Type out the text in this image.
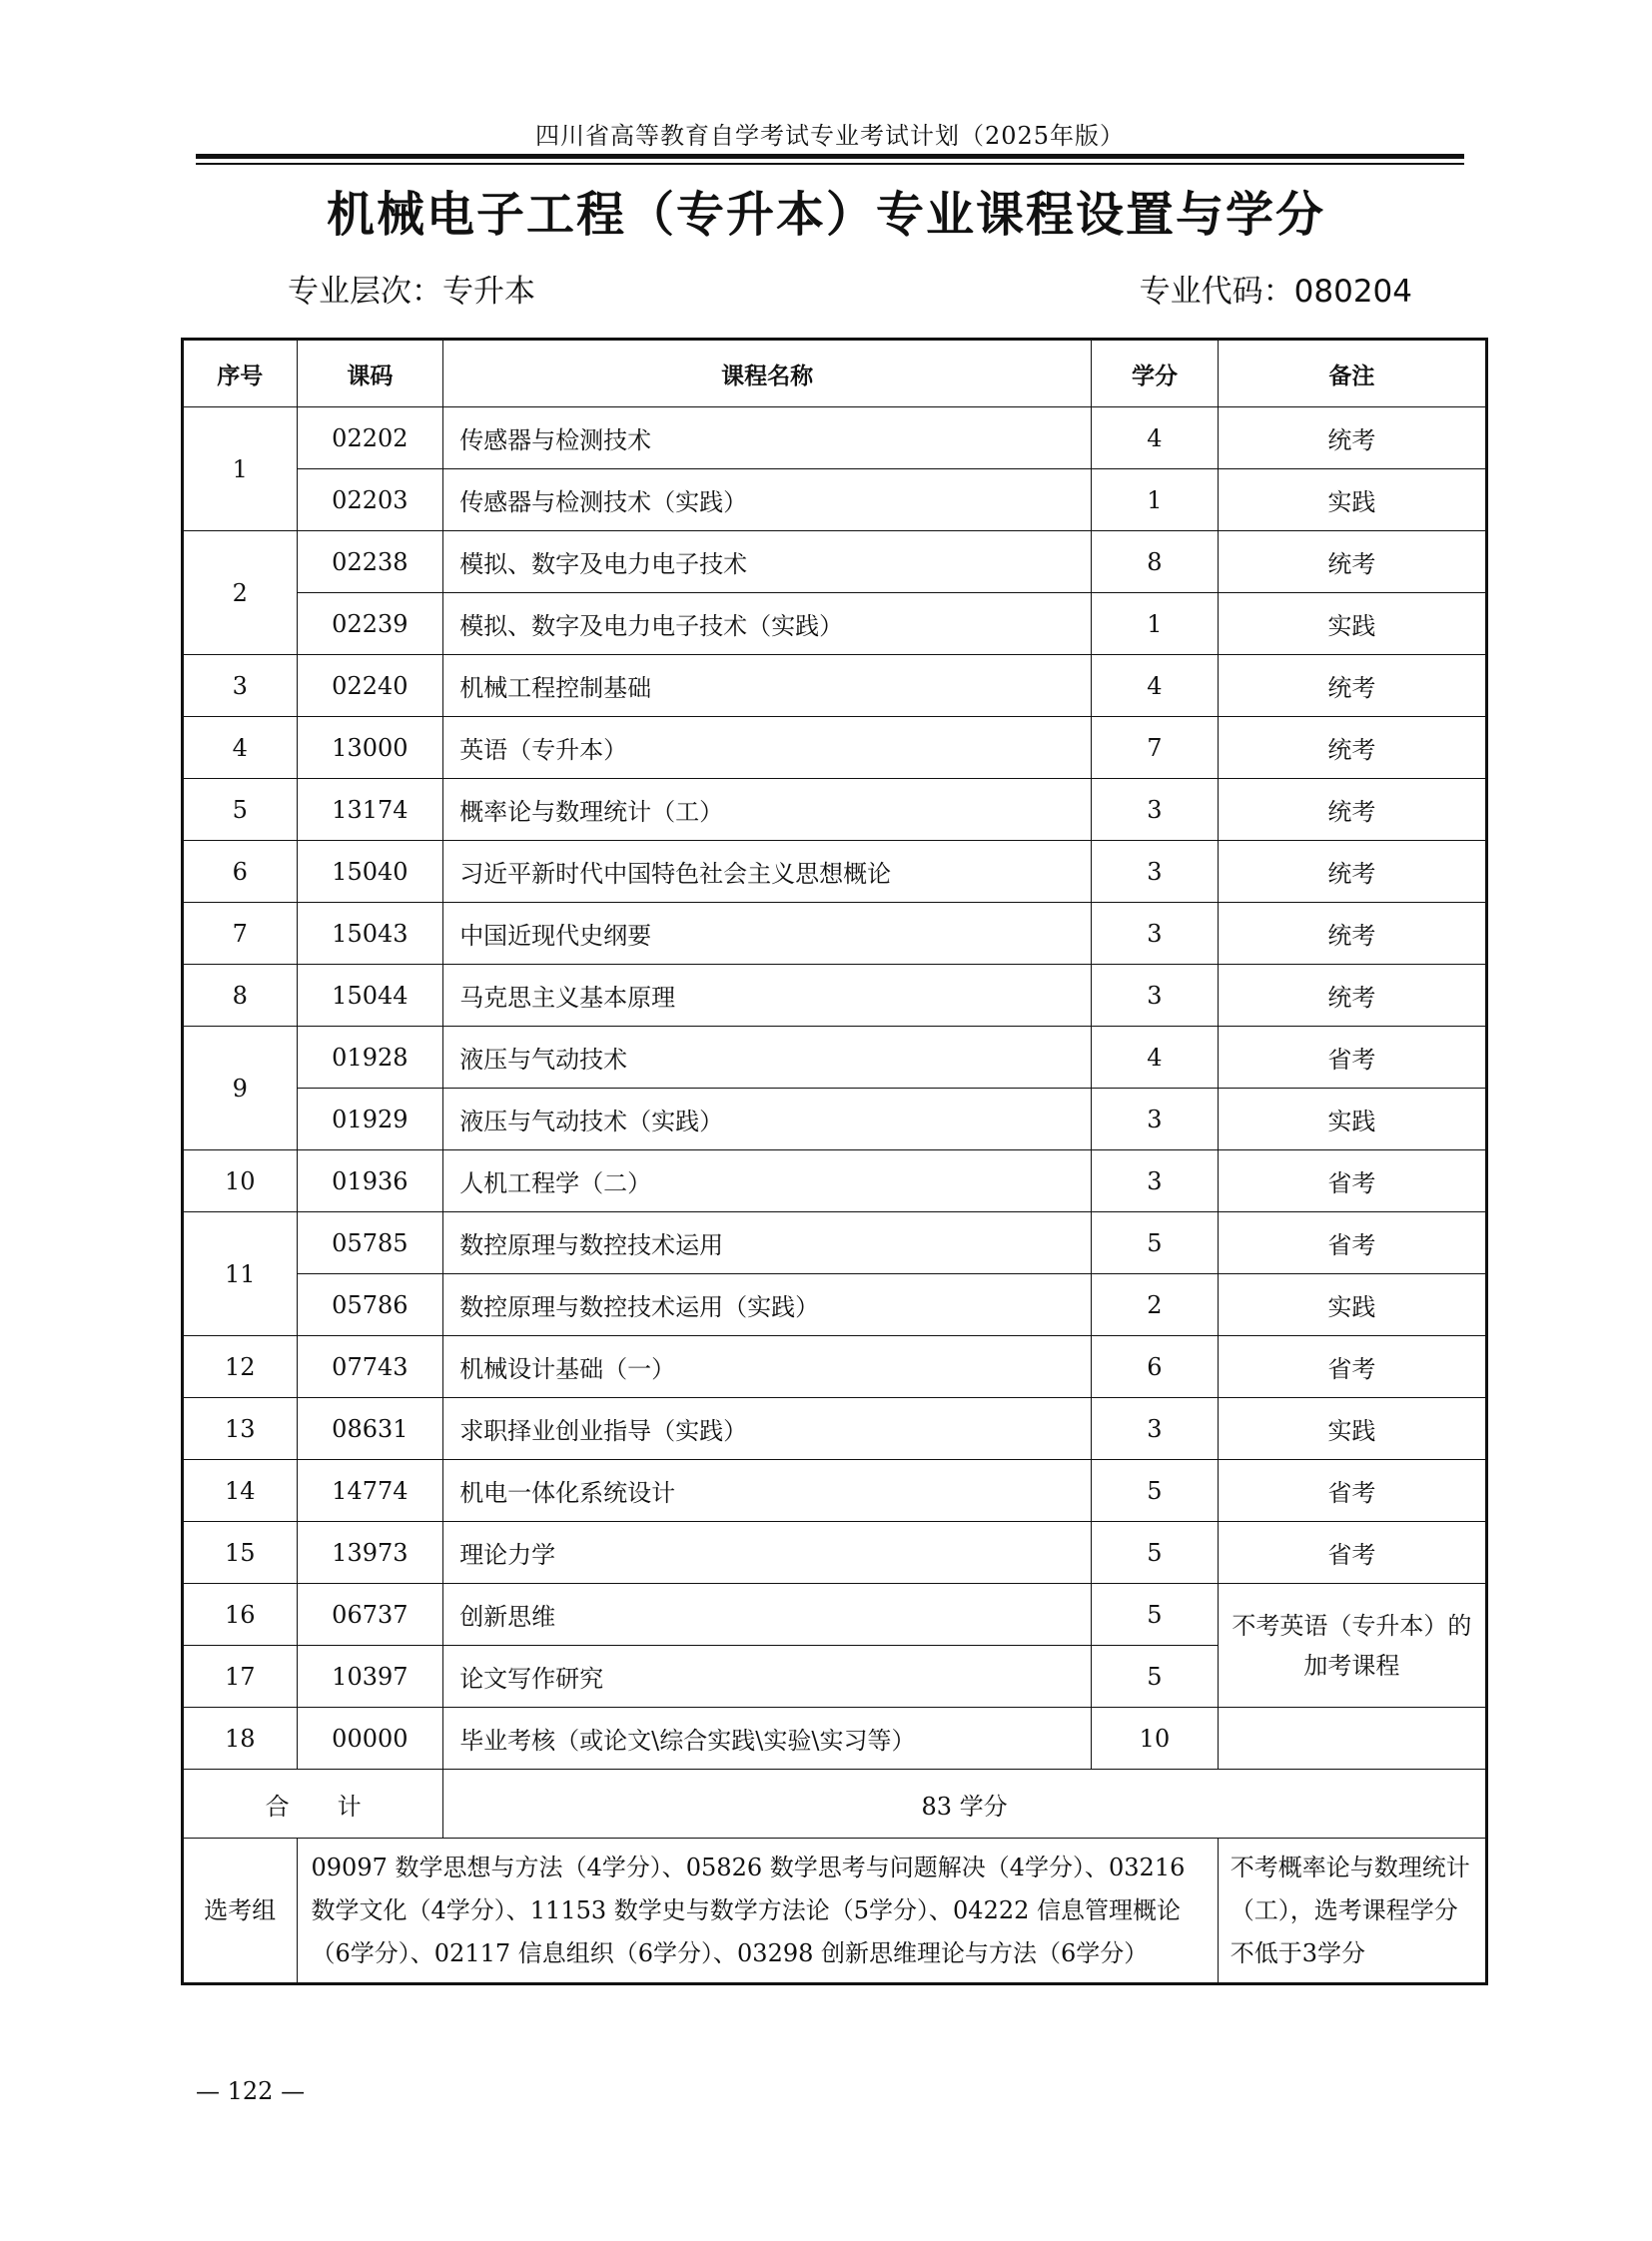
四川省高等教育自学考试专业考试计划（2025年版）
机械电子工程（专升本）专业课程设置与学分
专业层次：专升本	专业代码：080204
序号	课码	课程名称	学分	备注
1	02202	传感器与检测技术	4	统考
	02203	传感器与检测技术（实践）	1	实践
2	02238	模拟、数字及电力电子技术	8	统考
	02239	模拟、数字及电力电子技术（实践）	1	实践
3	02240	机械工程控制基础	4	统考
4	13000	英语（专升本）	7	统考
5	13174	概率论与数理统计（工）	3	统考
6	15040	习近平新时代中国特色社会主义思想概论	3	统考
7	15043	中国近现代史纲要	3	统考
8	15044	马克思主义基本原理	3	统考
9	01928	液压与气动技术	4	省考
	01929	液压与气动技术（实践）	3	实践
10	01936	人机工程学（二）	3	省考
11	05785	数控原理与数控技术运用	5	省考
	05786	数控原理与数控技术运用（实践）	2	实践
12	07743	机械设计基础（一）	6	省考
13	08631	求职择业创业指导（实践）	3	实践
14	14774	机电一体化系统设计	5	省考
15	13973	理论力学	5	省考
16	06737	创新思维	5	不考英语（专升本）的加考课程
17	10397	论文写作研究	5	
18	00000	毕业考核（或论文\综合实践\实验\实习等）	10	
合　　计		83 学分		
选考组	09097 数学思想与方法（4学分）、05826 数学思考与问题解决（4学分）、03216 数学文化（4学分）、11153 数学史与数学方法论（5学分）、04222 信息管理概论（6学分）、02117 信息组织（6学分）、03298 创新思维理论与方法（6学分）			不考概率论与数理统计（工），选考课程学分不低于3学分
— 122 —
